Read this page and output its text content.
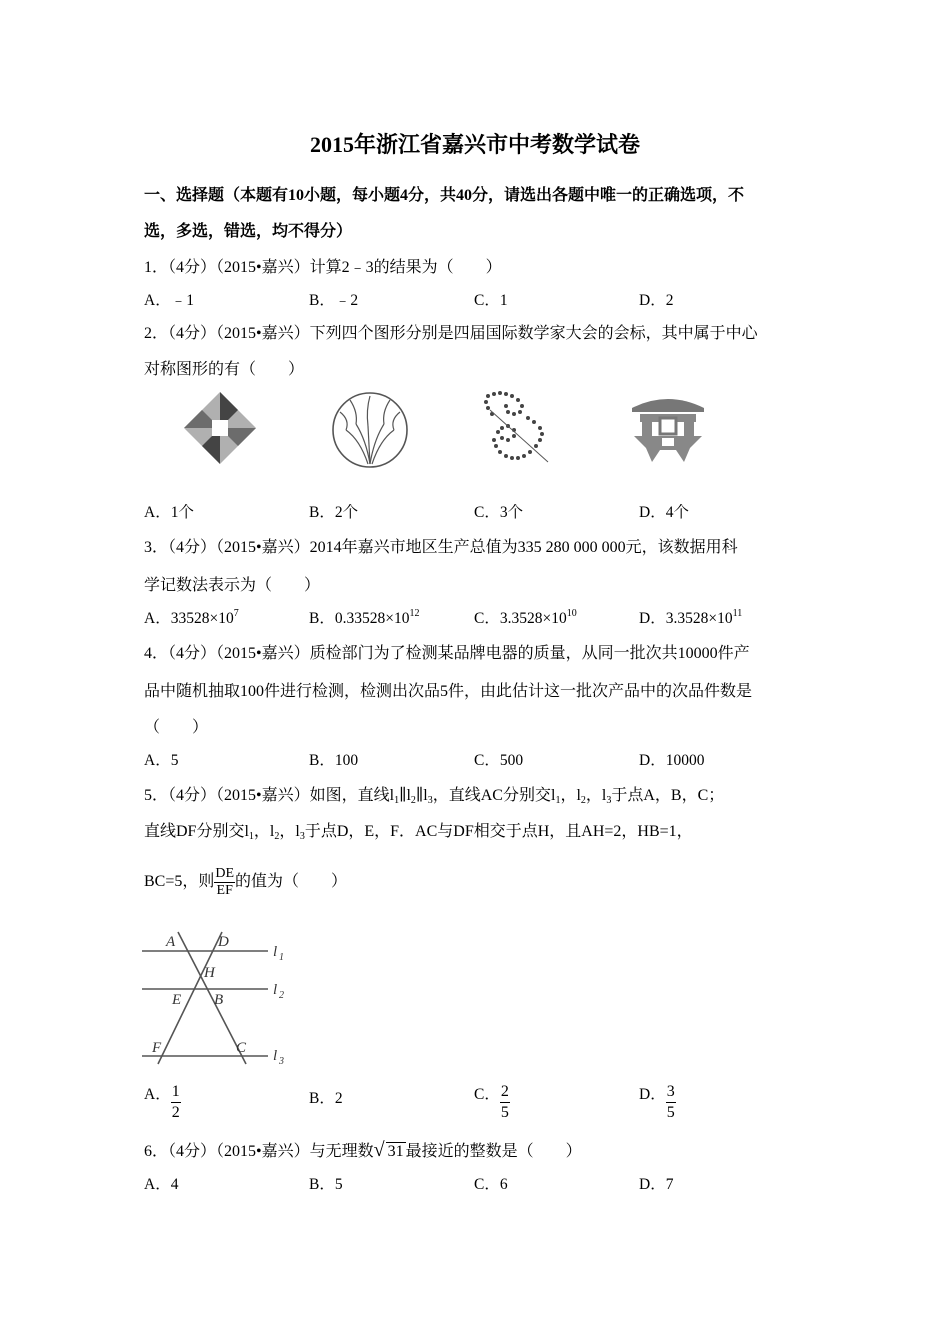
2015年浙江省嘉兴市中考数学试卷
一、选择题（本题有10小题，每小题4分，共40分，请选出各题中唯一的正确选项，不
选，多选，错选，均不得分）
1．（4分）（2015•嘉兴）计算2﹣3的结果为（　　）
A．﹣1	B．﹣2	C．1	D．2
2．（4分）（2015•嘉兴）下列四个图形分别是四届国际数学家大会的会标，其中属于中心
对称图形的有（　　）
A．1个	B．2个	C．3个	D．4个
3．（4分）（2015•嘉兴）2014年嘉兴市地区生产总值为335 280 000 000元，该数据用科
学记数法表示为（　　）
A．$33528\times 10^7$	B．$0.33528\times 10^{12}$	C．$3.3528\times 10^{10}$	D．$3.3528\times 10^{11}$
4．（4分）（2015•嘉兴）质检部门为了检测某品牌电器的质量，从同一批次共10000件产
品中随机抽取100件进行检测，检测出次品5件，由此估计这一批次产品中的次品件数是
（　　）
A．5	B．100	C．500	D．10000
5．（4分）（2015•嘉兴）如图，直线$l_1\parallel l_2\parallel l_3$，直线AC分别交$l_1$，$l_2$，$l_3$于点A，B，C；
直线DF分别交$l_1$，$l_2$，$l_3$于点D，E，F．AC与DF相交于点H，且AH=2，HB=1，
BC=5，则 $\frac{DE}{EF}$ 的值为（　　）
A	D
H
E B
F	C
l 1
l 2
l 3
A． $\frac{1}{2}$	B．2	C． $\frac{2}{5}$	D． $\frac{3}{5}$
6．（4分）（2015•嘉兴）与无理数 √ 31 最接近的整数是（　　）
A．4	B．5	C．6	D．7
